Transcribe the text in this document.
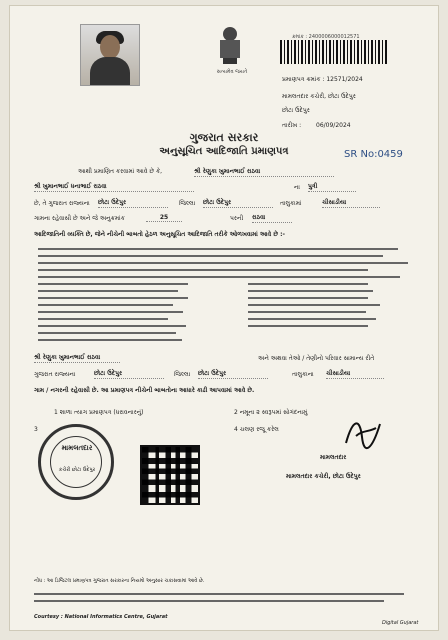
સત્યમેવ જયતે
ક્રમાંક : 2400006000012571
પ્રમાણપત્ર ક્રમાંક : 12571/2024
મામલતદાર કચેરી, છોટા ઉદેપુર
છોટા ઉદેપુર
તારીખ : 06/09/2024
ગુજરાત સરકાર
અનુસૂચિત આદિજાતિ પ્રમાણપત્ર	SR No:0459
આથી પ્રમાણિત કરવામાં આવે છે કે,	શ્રી રેણુકા ખુમાનભાઈ રાઠવા
શ્રી ખુમાનભાઈ ધનાભાઈ રાઠવા	ના પુત્રી
છે, તે ગુજરાત રાજ્યના છોટા ઉદેપુર	જિલ્લા છોટા ઉદેપુર	તાલુકામાં	ચીસાડીયા
ગામના રહેવાસી છે અને જે અનુક્રમાંક	25	પરની રાઠવા
આદિજાતિની વ્યક્તિ છે, જેને નીચેની બાબતો હેઠળ અનુસૂચિત આદિજાતિ તરીકે ઓળખવામાં આવે છે :-
શ્રી રેણુકા ખુમાનભાઈ રાઠવા	અને અથવા તેઓ / તેણીનો પરિવાર સામાન્ય રીતે
ગુજરાત રાજ્યના	છોટા ઉદેપુર	જિલ્લા છોટા ઉદેપુર	તાલુકાના ચીસાડીયા
ગામ / નગરની રહેવાસી છે. આ પ્રમાણપત્ર નીચેની બાબતોના આધારે કાઢી આપવામાં આવે છે.
1 શાળા ત્યાગ પ્રમાણપત્ર (ધરાવનારનું)	2 નમૂના ૨ સ્વરૂપમાં સોગંદનામું
3	4 ચલણ રજૂ કરેલ
મામલતદાર
કચેરી છોટા ઉદેપુર
મામલતદાર
મામલતદાર કચેરી, છોટા ઉદેપુર
નોંધ : આ ડિજિટલ પ્રમાણપત્ર ગુજરાત સરકારના નિયમો અનુસાર ચકાસવામાં આવે છે.
Courtesy : National Informatics Centre, Gujarat
Digital Gujarat
